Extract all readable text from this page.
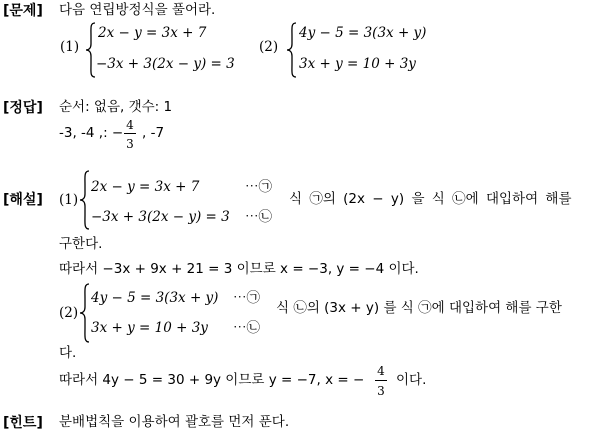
[문제]
[정답]
[해설]
[힌트]
다음 연립방정식을 풀어라.
(1)
2x − y = 3x + 7
−3x + 3(2x − y) = 3
(2)
4y − 5 = 3(3x + y)
3x + y = 10 + 3y
순서: 없음, 갯수: 1
-3, -4 ,: − 4
3
, -7
(1)
2x − y = 3x + 7	⋯㉠
−3x + 3(2x − y) = 3 ⋯㉡
식 ㉠의 (2x − y) 을 식 ㉡에 대입하여 해를
구한다.
따라서 −3x + 9x + 21 = 3 이므로 x = −3, y = −4 이다.
(2)
4y − 5 = 3(3x + y) ⋯㉠
3x + y = 10 + 3y ⋯㉡
식 ㉡의 (3x + y) 를 식 ㉠에 대입하여 해를 구한
다.
따라서 4y − 5 = 30 + 9y 이므로 y = −7, x = −
4
3
이다.
분배법칙을 이용하여 괄호를 먼저 푼다.
